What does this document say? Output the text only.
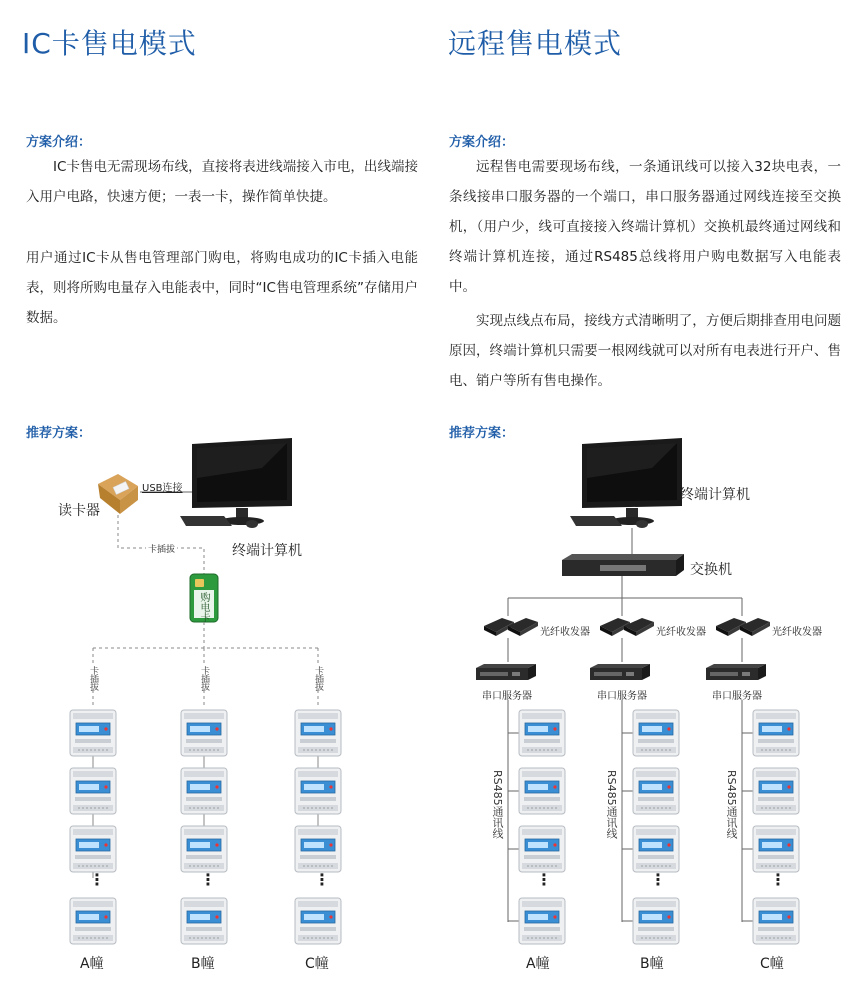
IC卡售电模式
方案介绍：
IC卡售电无需现场布线，直接将表进线端接入市电，出线端接入用户电路，快速方便；一表一卡，操作简单快捷。
用户通过IC卡从售电管理部门购电，将购电成功的IC卡插入电能表，则将所购电量存入电能表中，同时“IC售电管理系统”存储用户数据。
推荐方案：
远程售电模式
方案介绍：
远程售电需要现场布线，一条通讯线可以接入32块电表，一条线接串口服务器的一个端口，串口服务器通过网线连接至交换机，（用户少，线可直接接入终端计算机）交换机最终通过网线和终端计算机连接，通过RS485总线将用户购电数据写入电能表中。
实现点线点布局，接线方式清晰明了，方便后期排查用电问题原因，终端计算机只需要一根网线就可以对所有电表进行开户、售电、销户等所有售电操作。
推荐方案：
读卡器
USB连接
终端计算机
卡插拔
购电卡
卡插拔	卡插拔	卡插拔
⋮	⋮	⋮
A幢	B幢	C幢
终端计算机
交换机
光纤收发器	光纤收发器	光纤收发器
串口服务器	串口服务器	串口服务器
RS485通讯线	RS485通讯线	RS485通讯线
⋮	⋮	⋮
A幢	B幢	C幢
